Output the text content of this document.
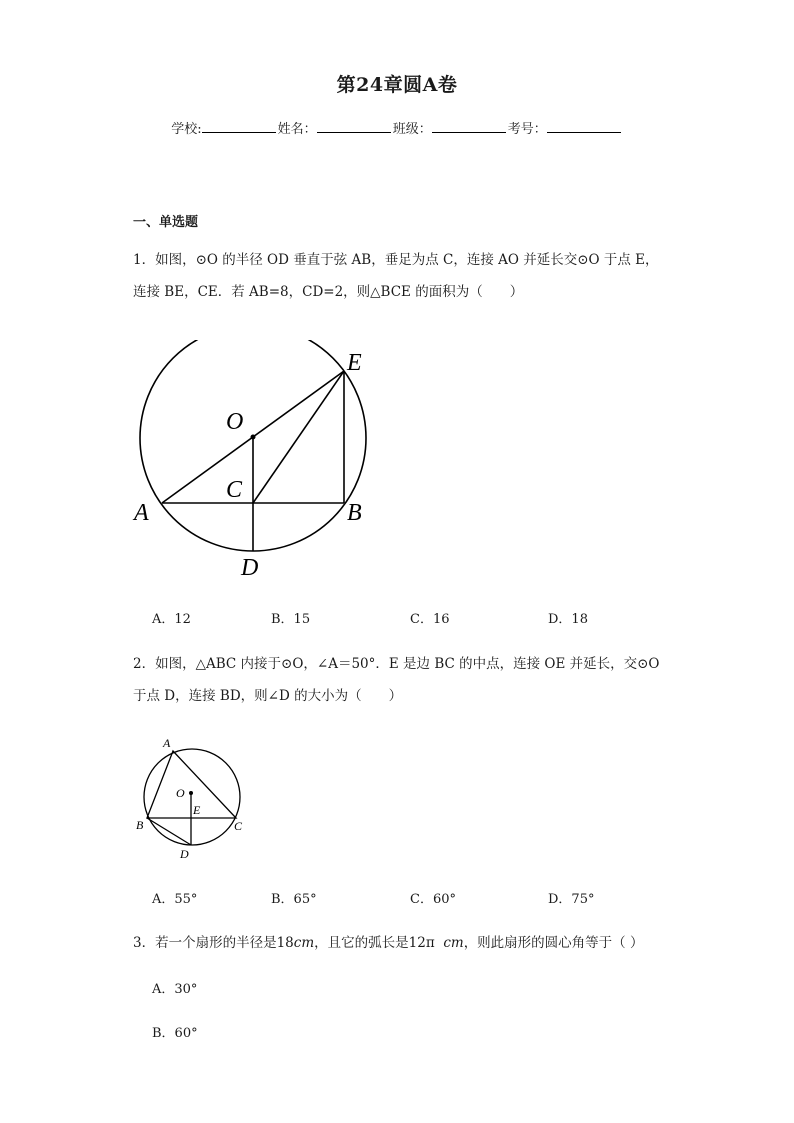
第24章圆A卷
学校:	姓名：	班级：	考号：
一、单选题
1．如图，⊙O 的半径 OD 垂直于弦 AB，垂足为点 C，连接 AO 并延长交⊙O 于点 E，
连接 BE，CE．若 AB=8，CD=2，则△BCE 的面积为（　　）
E
O
C
A	B
D
A．12	B．15	C．16	D．18
2．如图，△ABC 内接于⊙O，∠A＝50°．E 是边 BC 的中点，连接 OE 并延长，交⊙O
于点 D，连接 BD，则∠D 的大小为（　　）
A
O
E
B	C
D
A．55°	B．65°	C．60°	D．75°
3．若一个扇形的半径是18cm，且它的弧长是12π cm，则此扇形的圆心角等于（ ）
A．30°
B．60°
